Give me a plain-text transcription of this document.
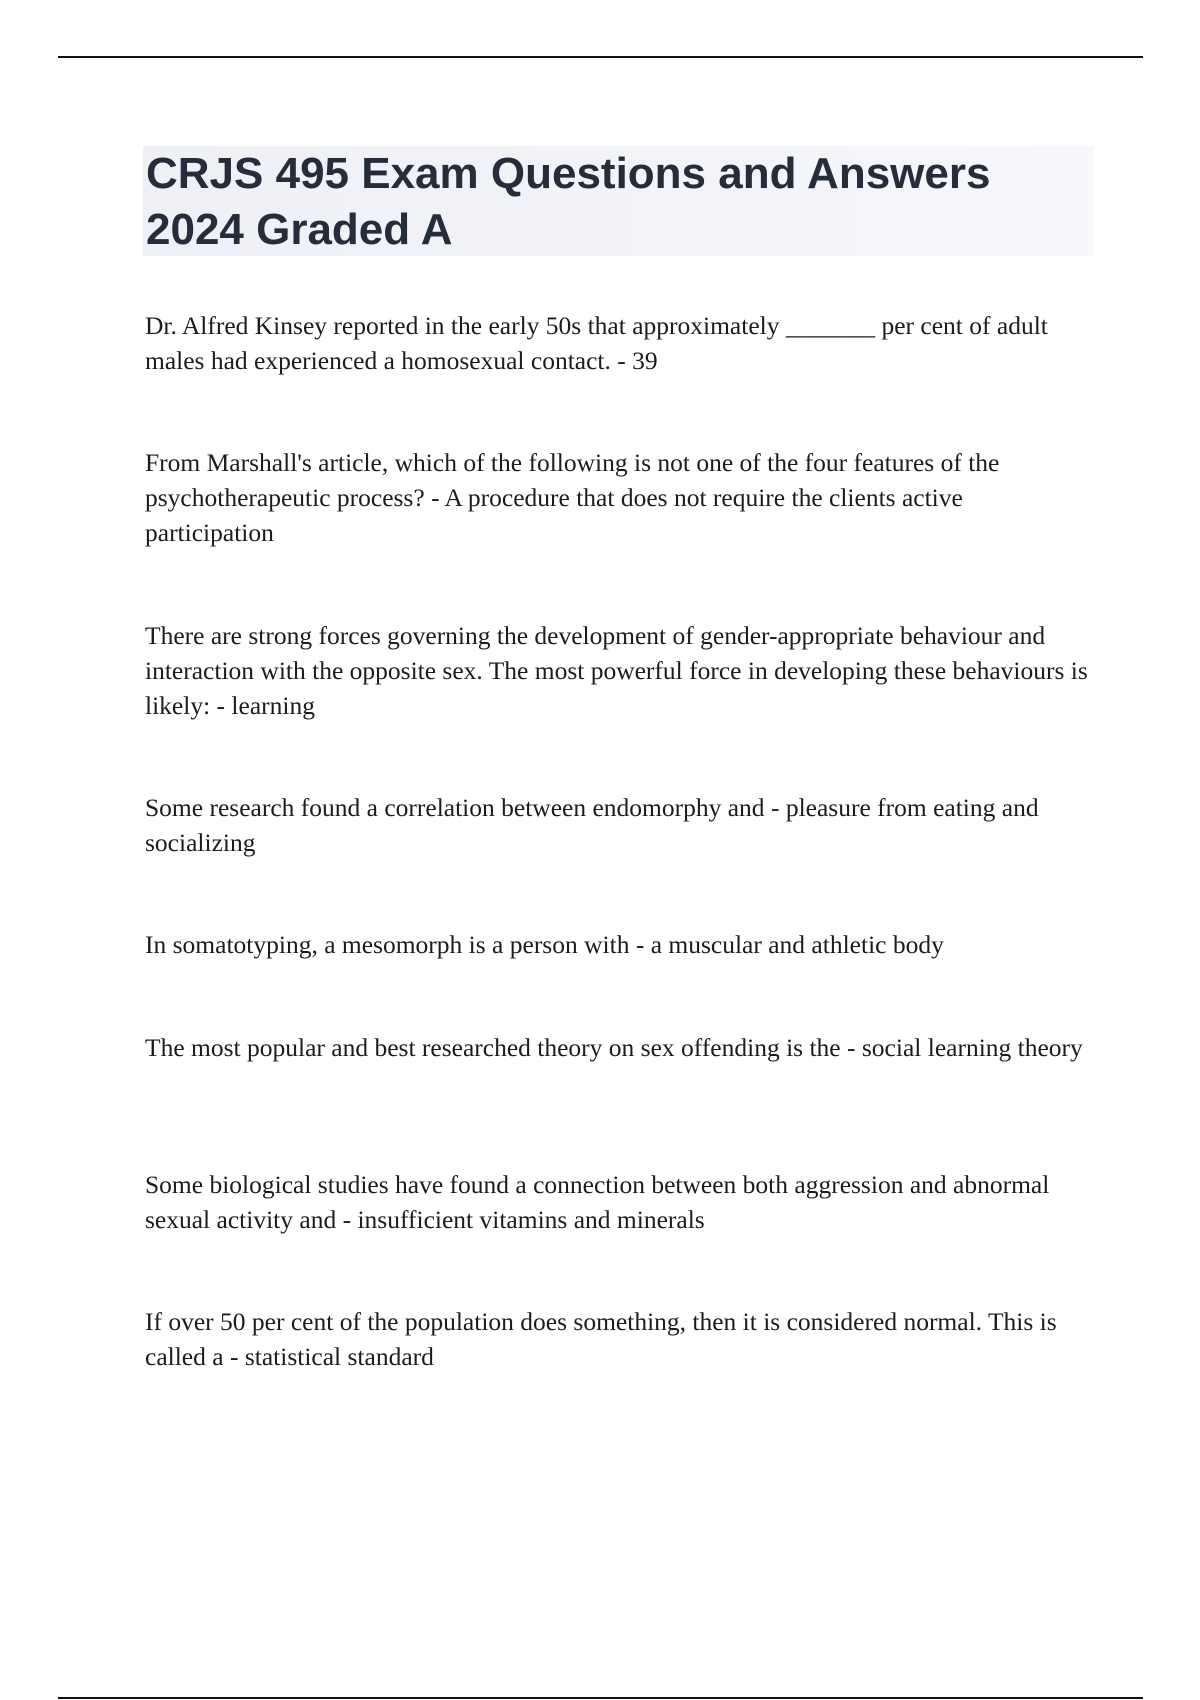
CRJS 495 Exam Questions and Answers 2024 Graded A

Dr. Alfred Kinsey reported in the early 50s that approximately _______ per cent of adult males had experienced a homosexual contact. - 39

From Marshall's article, which of the following is not one of the four features of the psychotherapeutic process? - A procedure that does not require the clients active participation

There are strong forces governing the development of gender-appropriate behaviour and interaction with the opposite sex. The most powerful force in developing these behaviours is likely: - learning

Some research found a correlation between endomorphy and - pleasure from eating and socializing

In somatotyping, a mesomorph is a person with - a muscular and athletic body

The most popular and best researched theory on sex offending is the - social learning theory

Some biological studies have found a connection between both aggression and abnormal sexual activity and - insufficient vitamins and minerals

If over 50 per cent of the population does something, then it is considered normal. This is called a - statistical standard
